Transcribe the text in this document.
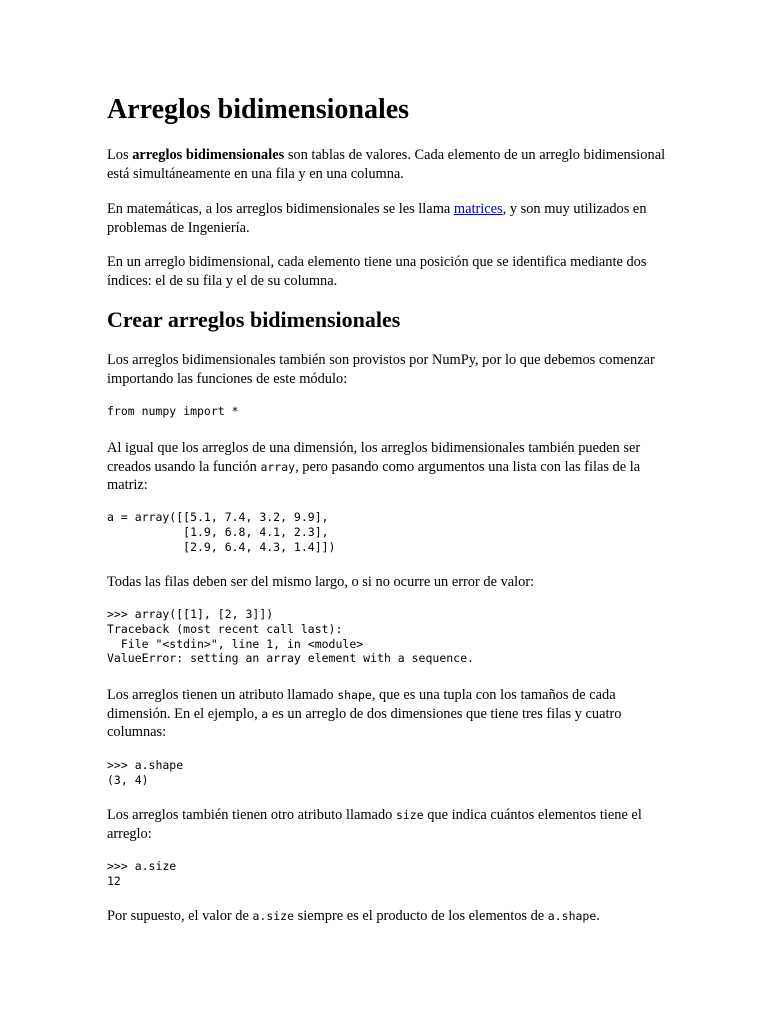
Arreglos bidimensionales

Los arreglos bidimensionales son tablas de valores. Cada elemento de un arreglo bidimensional está simultáneamente en una fila y en una columna.

En matemáticas, a los arreglos bidimensionales se les llama matrices, y son muy utilizados en problemas de Ingeniería.

En un arreglo bidimensional, cada elemento tiene una posición que se identifica mediante dos índices: el de su fila y el de su columna.

Crear arreglos bidimensionales

Los arreglos bidimensionales también son provistos por NumPy, por lo que debemos comenzar importando las funciones de este módulo:

from numpy import *

Al igual que los arreglos de una dimensión, los arreglos bidimensionales también pueden ser creados usando la función array, pero pasando como argumentos una lista con las filas de la matriz:

a = array([[5.1, 7.4, 3.2, 9.9],
[1.9, 6.8, 4.1, 2.3],
[2.9, 6.4, 4.3, 1.4]])

Todas las filas deben ser del mismo largo, o si no ocurre un error de valor:

>>> array([[1], [2, 3]])
Traceback (most recent call last):
File "<stdin>", line 1, in <module>
ValueError: setting an array element with a sequence.

Los arreglos tienen un atributo llamado shape, que es una tupla con los tamaños de cada dimensión. En el ejemplo, a es un arreglo de dos dimensiones que tiene tres filas y cuatro columnas:

>>> a.shape
(3, 4)

Los arreglos también tienen otro atributo llamado size que indica cuántos elementos tiene el arreglo:

>>> a.size
12

Por supuesto, el valor de a.size siempre es el producto de los elementos de a.shape.
